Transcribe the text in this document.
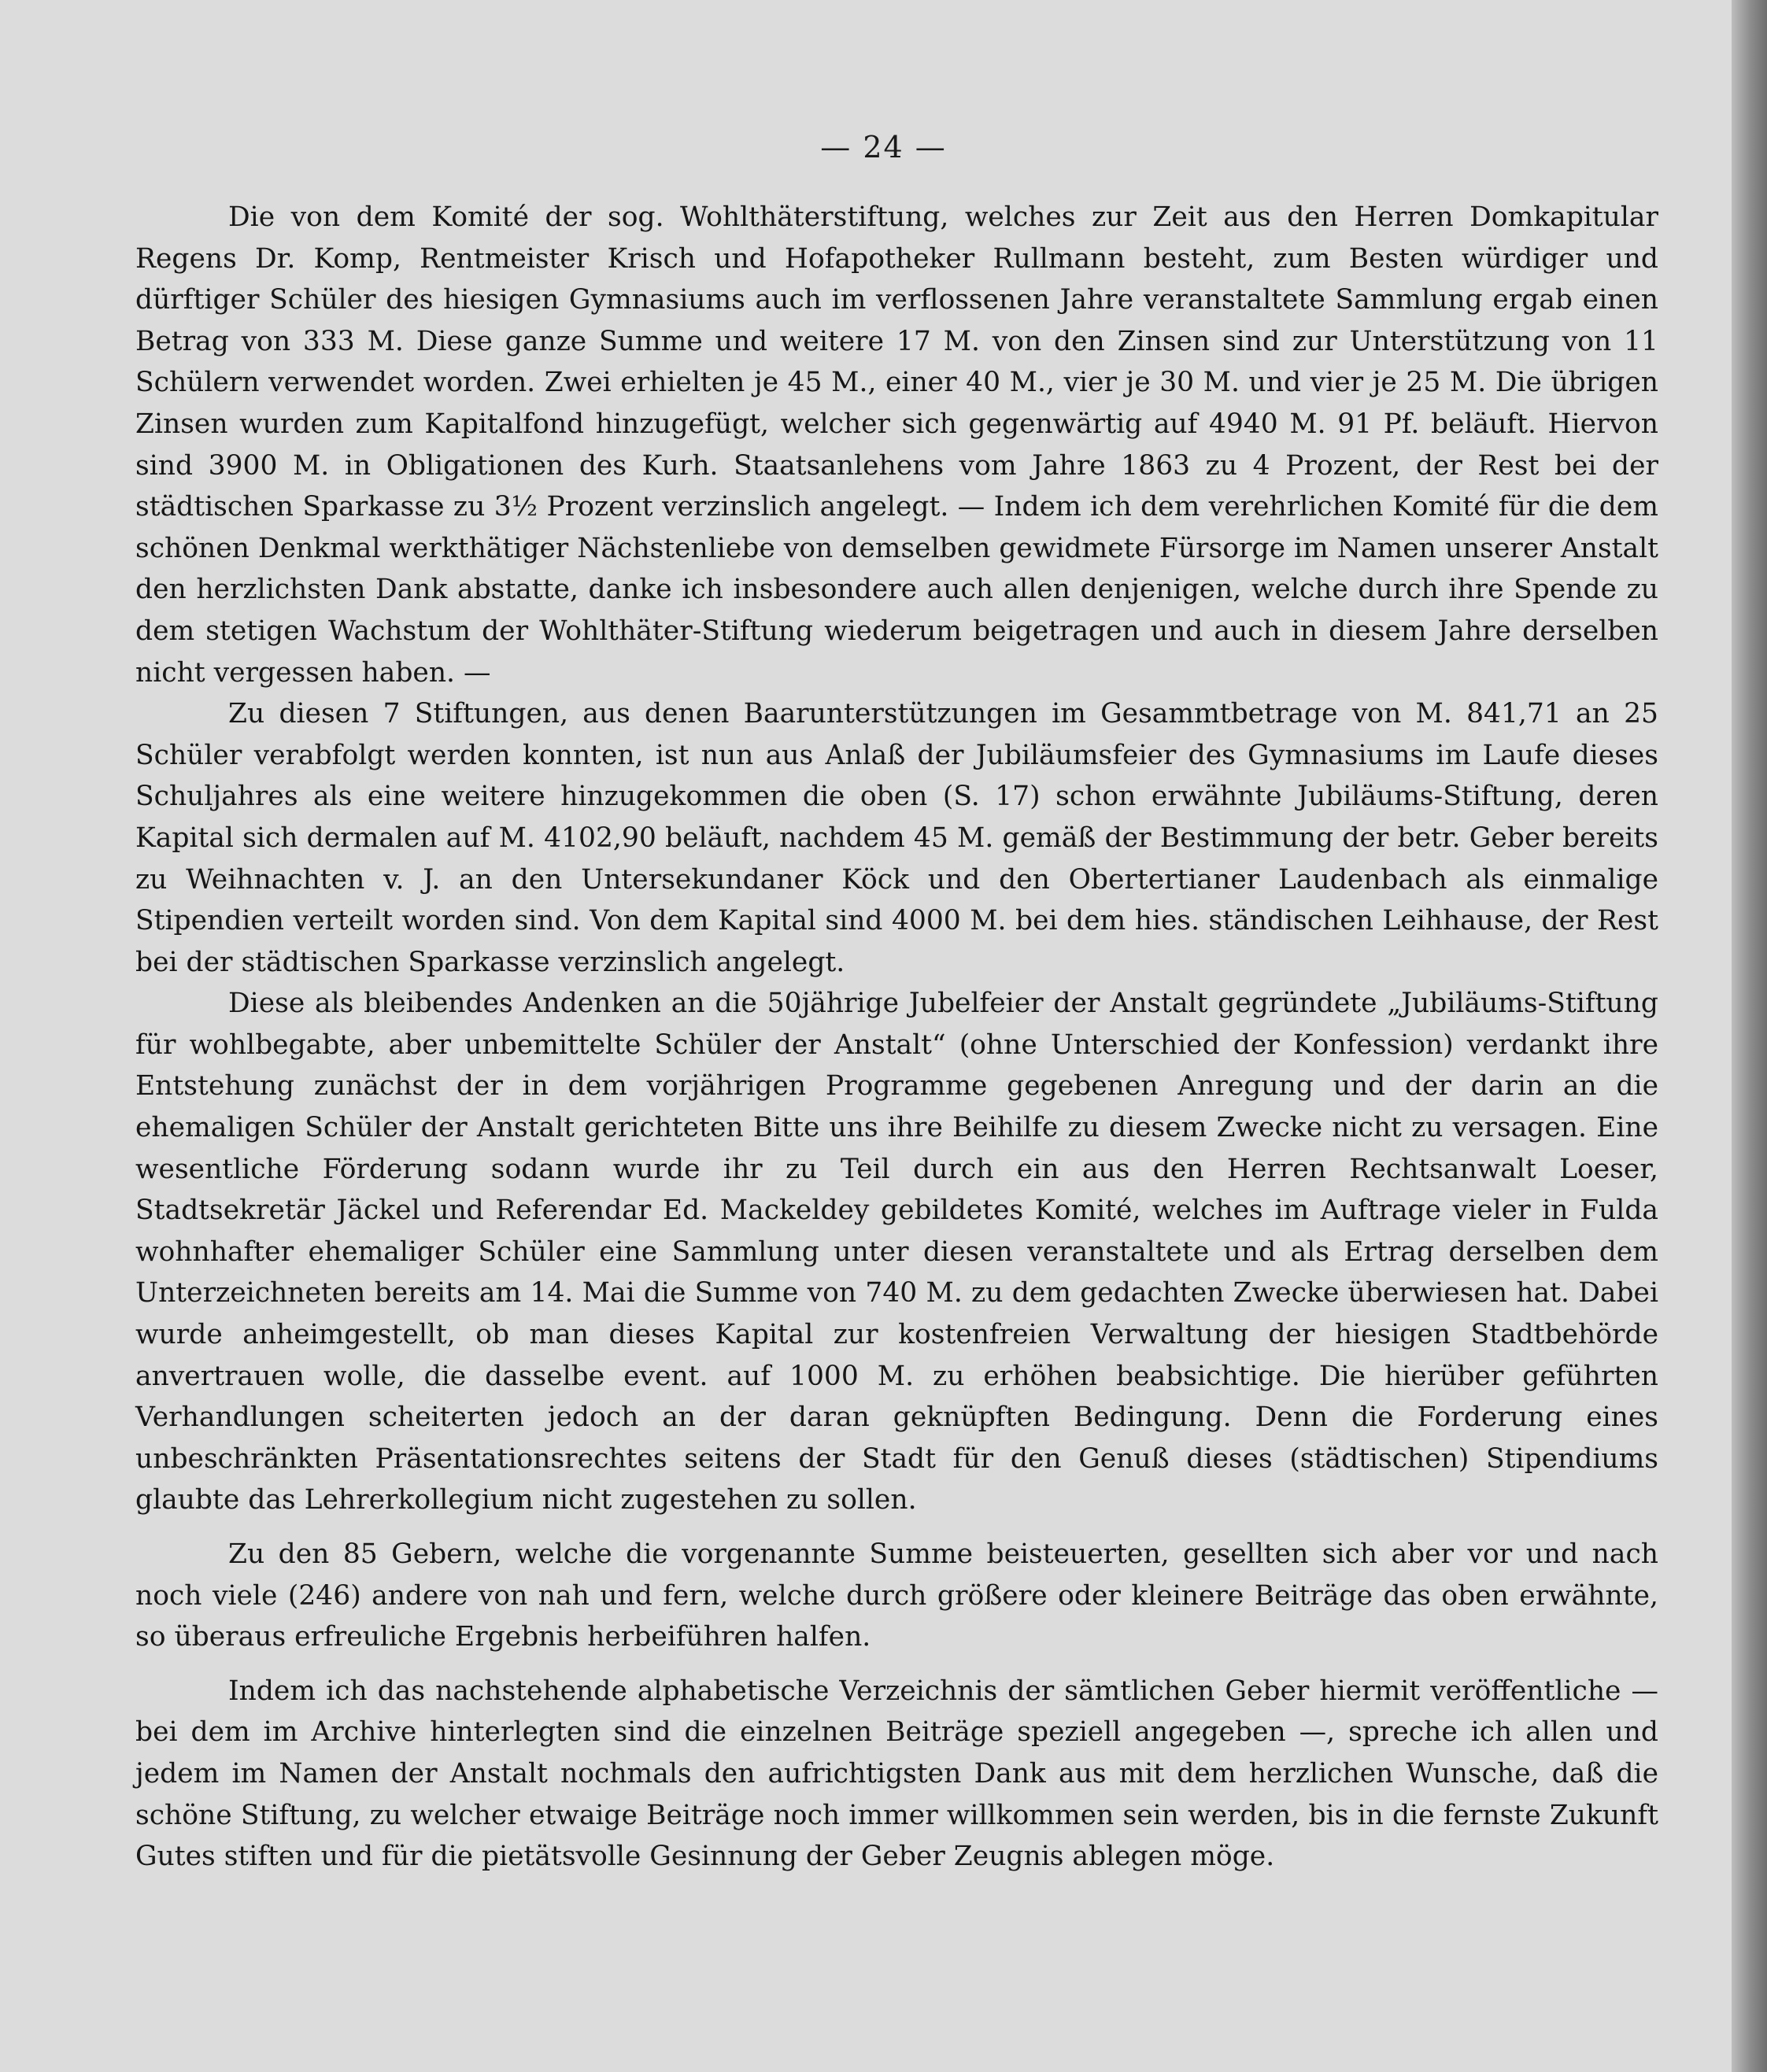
— 24 —

Die von dem Komité der sog. Wohlthäterstiftung, welches zur Zeit aus den Herren Domkapitular Regens Dr. Komp, Rentmeister Krisch und Hofapotheker Rullmann besteht, zum Besten würdiger und dürftiger Schüler des hiesigen Gymnasiums auch im verflossenen Jahre veranstaltete Sammlung ergab einen Betrag von 333 M. Diese ganze Summe und weitere 17 M. von den Zinsen sind zur Unterstützung von 11 Schülern verwendet worden. Zwei erhielten je 45 M., einer 40 M., vier je 30 M. und vier je 25 M. Die übrigen Zinsen wurden zum Kapitalfond hinzugefügt, welcher sich gegenwärtig auf 4940 M. 91 Pf. beläuft. Hiervon sind 3900 M. in Obligationen des Kurh. Staatsanlehens vom Jahre 1863 zu 4 Prozent, der Rest bei der städtischen Sparkasse zu 3½ Prozent verzinslich angelegt. — Indem ich dem verehrlichen Komité für die dem schönen Denkmal werkthätiger Nächstenliebe von demselben gewidmete Fürsorge im Namen unserer Anstalt den herzlichsten Dank abstatte, danke ich insbesondere auch allen denjenigen, welche durch ihre Spende zu dem stetigen Wachstum der Wohlthäter-Stiftung wiederum beigetragen und auch in diesem Jahre derselben nicht vergessen haben. —

Zu diesen 7 Stiftungen, aus denen Baarunterstützungen im Gesammtbetrage von M. 841,71 an 25 Schüler verabfolgt werden konnten, ist nun aus Anlaß der Jubiläumsfeier des Gymnasiums im Laufe dieses Schuljahres als eine weitere hinzugekommen die oben (S. 17) schon erwähnte Jubiläums-Stiftung, deren Kapital sich dermalen auf M. 4102,90 beläuft, nachdem 45 M. gemäß der Bestimmung der betr. Geber bereits zu Weihnachten v. J. an den Untersekundaner Köck und den Obertertianer Laudenbach als einmalige Stipendien verteilt worden sind. Von dem Kapital sind 4000 M. bei dem hies. ständischen Leihhause, der Rest bei der städtischen Sparkasse verzinslich angelegt.

Diese als bleibendes Andenken an die 50jährige Jubelfeier der Anstalt gegründete „Jubiläums-Stiftung für wohlbegabte, aber unbemittelte Schüler der Anstalt“ (ohne Unterschied der Konfession) verdankt ihre Entstehung zunächst der in dem vorjährigen Programme gegebenen Anregung und der darin an die ehemaligen Schüler der Anstalt gerichteten Bitte uns ihre Beihilfe zu diesem Zwecke nicht zu versagen. Eine wesentliche Förderung sodann wurde ihr zu Teil durch ein aus den Herren Rechtsanwalt Loeser, Stadtsekretär Jäckel und Referendar Ed. Mackeldey gebildetes Komité, welches im Auftrage vieler in Fulda wohnhafter ehemaliger Schüler eine Sammlung unter diesen veranstaltete und als Ertrag derselben dem Unterzeichneten bereits am 14. Mai die Summe von 740 M. zu dem gedachten Zwecke überwiesen hat. Dabei wurde anheimgestellt, ob man dieses Kapital zur kostenfreien Verwaltung der hiesigen Stadtbehörde anvertrauen wolle, die dasselbe event. auf 1000 M. zu erhöhen beabsichtige. Die hierüber geführten Verhandlungen scheiterten jedoch an der daran geknüpften Bedingung. Denn die Forderung eines unbeschränkten Präsentationsrechtes seitens der Stadt für den Genuß dieses (städtischen) Stipendiums glaubte das Lehrerkollegium nicht zugestehen zu sollen.

Zu den 85 Gebern, welche die vorgenannte Summe beisteuerten, gesellten sich aber vor und nach noch viele (246) andere von nah und fern, welche durch größere oder kleinere Beiträge das oben erwähnte, so überaus erfreuliche Ergebnis herbeiführen halfen.

Indem ich das nachstehende alphabetische Verzeichnis der sämtlichen Geber hiermit veröffentliche — bei dem im Archive hinterlegten sind die einzelnen Beiträge speziell angegeben —, spreche ich allen und jedem im Namen der Anstalt nochmals den aufrichtigsten Dank aus mit dem herzlichen Wunsche, daß die schöne Stiftung, zu welcher etwaige Beiträge noch immer willkommen sein werden, bis in die fernste Zukunft Gutes stiften und für die pietätsvolle Gesinnung der Geber Zeugnis ablegen möge.
